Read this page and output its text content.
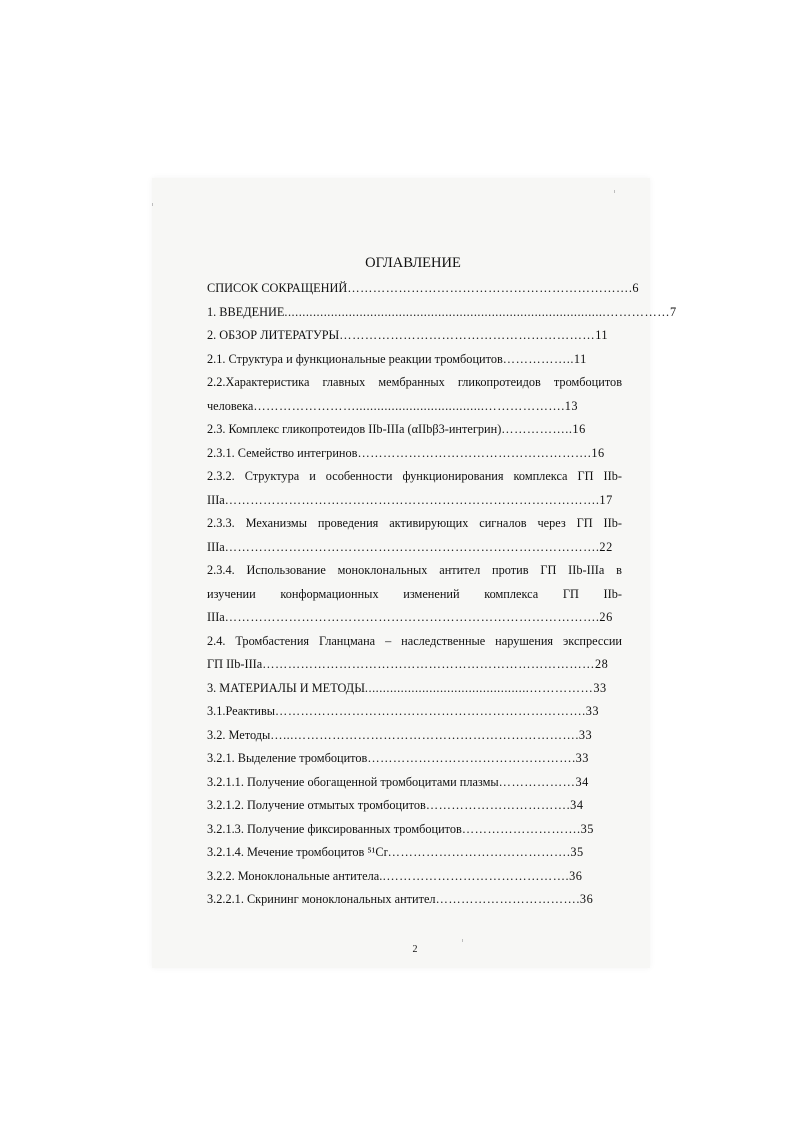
ОГЛАВЛЕНИЕ
СПИСОК СОКРАЩЕНИЙ ………………………………………………………….6
1. ВВЕДЕНИЕ ..........................................................................................……………7
2. ОБЗОР ЛИТЕРАТУРЫ ……………………………………………………11
2.1. Структура и функциональные реакции тромбоцитов ……………..11
2.2.Характеристика главных мембранных гликопротеидов тромбоцитов
человека ……………………....................................……………….13
2.3. Комплекс гликопротеидов IIb-IIIa (αIIbβ3-интегрин) ……………..16
2.3.1. Семейство интегринов ……………………………………………….16
2.3.2. Структура и особенности функционирования комплекса ГП IIb-
IIIa …………………………………………………………………………….17
2.3.3. Механизмы проведения активирующих сигналов через ГП IIb-
IIIa …………………………………………………………………………….22
2.3.4. Использование моноклональных антител против ГП IIb-IIIa в
изучении конформационных изменений комплекса ГП IIb-
IIIa …………………………………………………………………………….26
2.4. Тромбастения Гланцмана – наследственные нарушения экспрессии
ГП IIb-IIIa ……………………………………………………………………28
3. МАТЕРИАЛЫ И МЕТОДЫ ..............................................……………33
3.1.Реактивы ……………………………………………………………….33
3.2. Методы …...………………………………………………………….33
3.2.1. Выделение тромбоцитов ………………………………………….33
3.2.1.1. Получение обогащенной тромбоцитами плазмы ………………34
3.2.1.2. Получение отмытых тромбоцитов …………………………….34
3.2.1.3. Получение фиксированных тромбоцитов ……………………….35
3.2.1.4. Мечение тромбоцитов ⁵¹Cr …………………………………….35
3.2.2. Моноклональные антитела ..…………………………………….36
3.2.2.1. Скрининг моноклональных антител …………………………….36
2
